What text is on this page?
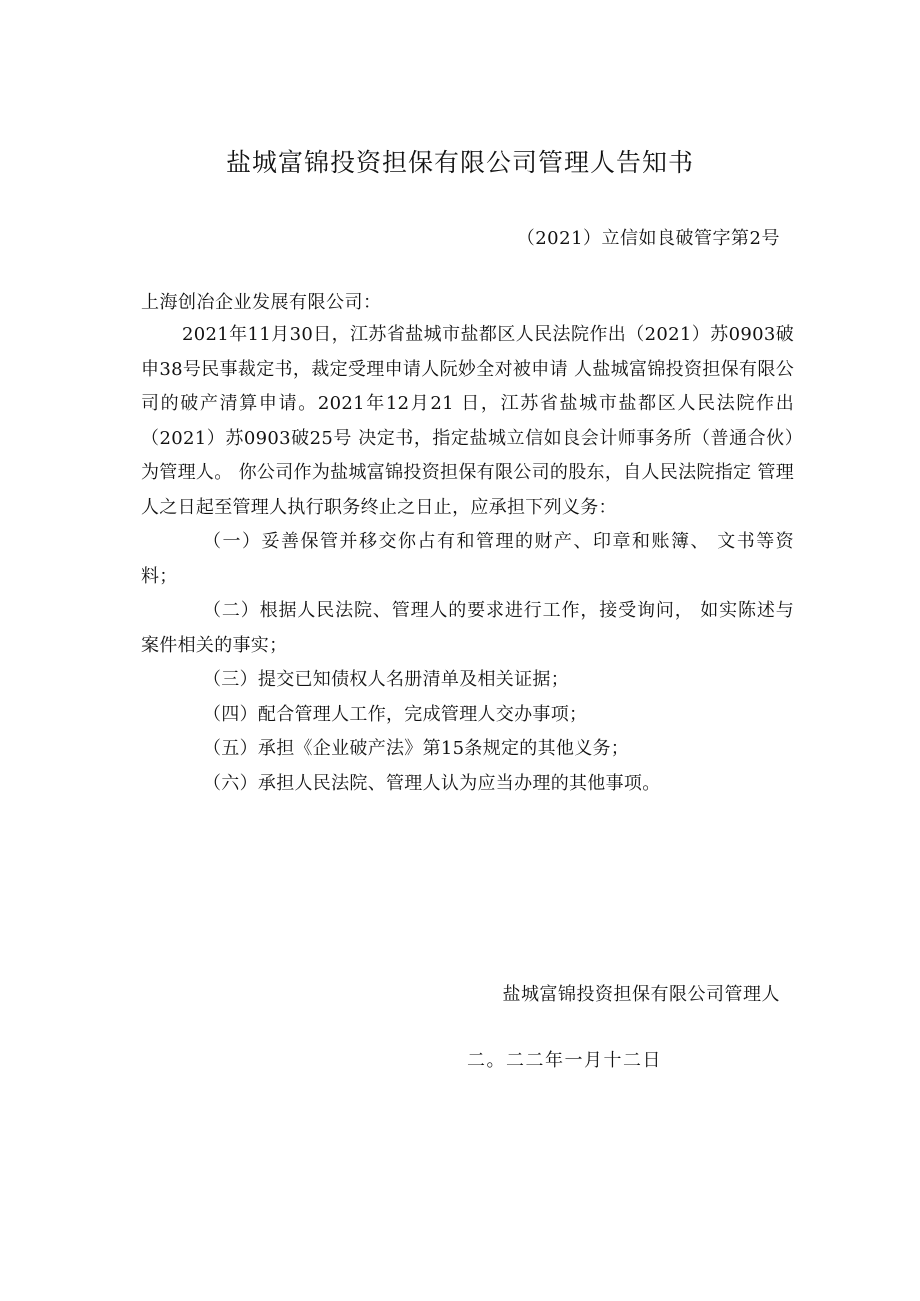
盐城富锦投资担保有限公司管理人告知书
（2021）立信如良破管字第2号
上海创冶企业发展有限公司：

2021年11月30日，江苏省盐城市盐都区人民法院作出（2021）苏0903破申38号民事裁定书，裁定受理申请人阮妙全对被申请 人盐城富锦投资担保有限公司的破产清算申请。2021年12月21 日，江苏省盐城市盐都区人民法院作出（2021）苏0903破25号 决定书，指定盐城立信如良会计师事务所（普通合伙）为管理人。 你公司作为盐城富锦投资担保有限公司的股东，自人民法院指定 管理人之日起至管理人执行职务终止之日止，应承担下列义务：

（一）妥善保管并移交你占有和管理的财产、印章和账簿、 文书等资料；

（二）根据人民法院、管理人的要求进行工作，接受询问， 如实陈述与案件相关的事实；

（三）提交已知债权人名册清单及相关证据；

（四）配合管理人工作，完成管理人交办事项；

（五）承担《企业破产法》第15条规定的其他义务；

（六）承担人民法院、管理人认为应当办理的其他事项。

盐城富锦投资担保有限公司管理人
二。二二年一月十二日
